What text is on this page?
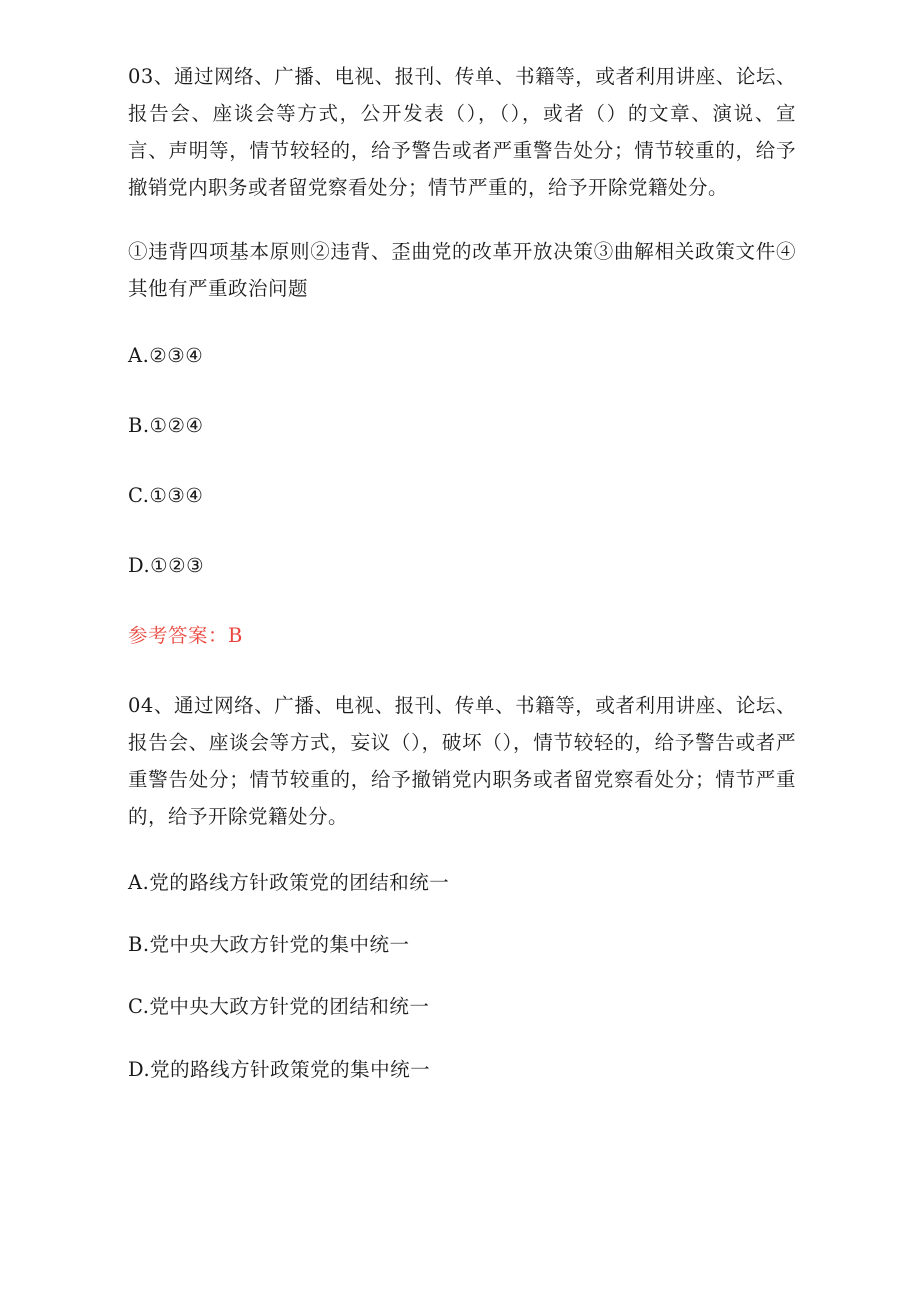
03、通过网络、广播、电视、报刊、传单、书籍等，或者利用讲座、论坛、报告会、座谈会等方式，公开发表（），（），或者（）的文章、演说、宣言、声明等，情节较轻的，给予警告或者严重警告处分；情节较重的，给予撤销党内职务或者留党察看处分；情节严重的，给予开除党籍处分。

①违背四项基本原则②违背、歪曲党的改革开放决策③曲解相关政策文件④其他有严重政治问题

A.②③④

B.①②④

C.①③④

D.①②③

参考答案：B

04、通过网络、广播、电视、报刊、传单、书籍等，或者利用讲座、论坛、报告会、座谈会等方式，妄议（），破坏（），情节较轻的，给予警告或者严重警告处分；情节较重的，给予撤销党内职务或者留党察看处分；情节严重的，给予开除党籍处分。

A.党的路线方针政策党的团结和统一

B.党中央大政方针党的集中统一

C.党中央大政方针党的团结和统一

D.党的路线方针政策党的集中统一
